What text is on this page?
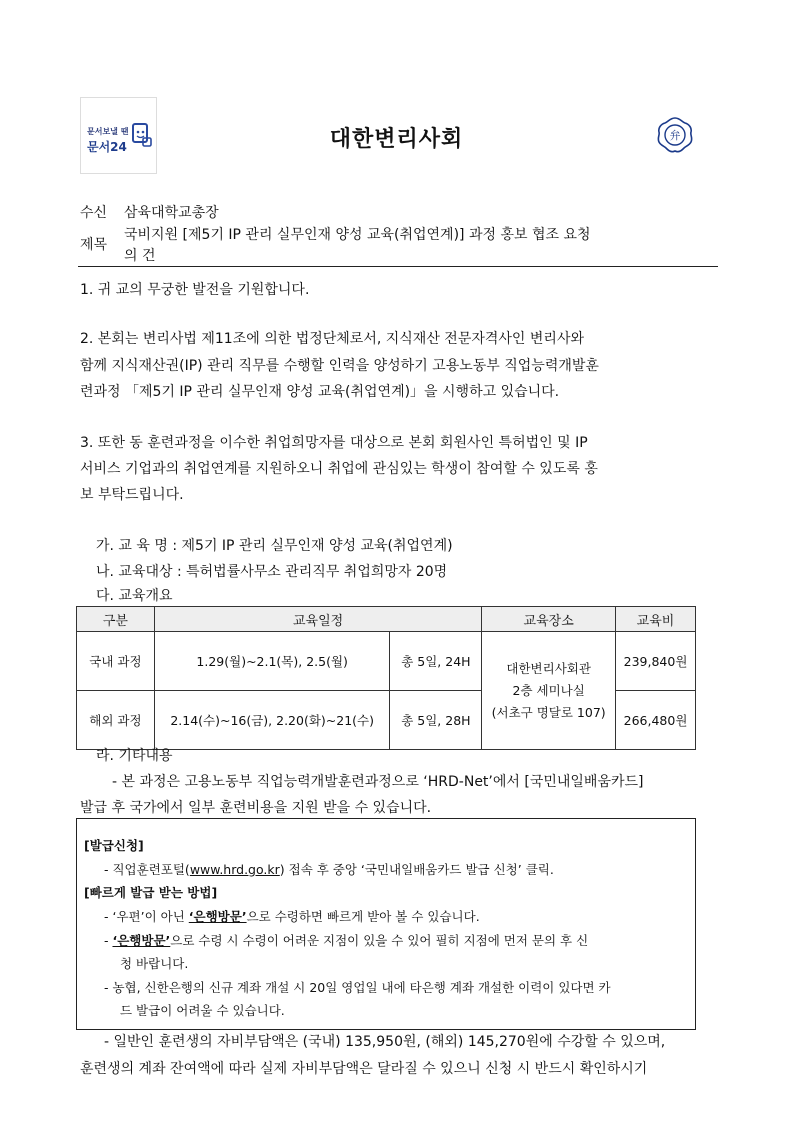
문서보낼 땐
문서24	대한변리사회	弁
수신 삼육대학교총장
제목
국비지원 [제5기 IP 관리 실무인재 양성 교육(취업연계)] 과정 홍보 협조 요청
의 건
1. 귀 교의 무궁한 발전을 기원합니다.
2. 본회는 변리사법 제11조에 의한 법정단체로서, 지식재산 전문자격사인 변리사와
함께 지식재산권(IP) 관리 직무를 수행할 인력을 양성하기 고용노동부 직업능력개발훈
련과정 「제5기 IP 관리 실무인재 양성 교육(취업연계)」을 시행하고 있습니다.
3. 또한 동 훈련과정을 이수한 취업희망자를 대상으로 본회 회원사인 특허법인 및 IP
서비스 기업과의 취업연계를 지원하오니 취업에 관심있는 학생이 참여할 수 있도록 홍
보 부탁드립니다.
가. 교 육 명 : 제5기 IP 관리 실무인재 양성 교육(취업연계)
나. 교육대상 : 특허법률사무소 관리직무 취업희망자 20명
다. 교육개요
구분	교육일정		교육장소	교육비
국내 과정	1.29(월)~2.1(목), 2.5(월)	총 5일, 24H	대한변리사회관
2층 세미나실
(서초구 명달로 107)	239,840원
해외 과정	2.14(수)~16(금), 2.20(화)~21(수)	총 5일, 28H		266,480원
라. 기타내용
- 본 과정은 고용노동부 직업능력개발훈련과정으로 ‘HRD-Net’에서 [국민내일배움카드]
발급 후 국가에서 일부 훈련비용을 지원 받을 수 있습니다.
[발급신청]
- 직업훈련포털(www.hrd.go.kr) 접속 후 중앙 ‘국민내일배움카드 발급 신청’ 클릭.
[빠르게 발급 받는 방법]
- ‘우편’이 아닌 ‘은행방문’으로 수령하면 빠르게 받아 볼 수 있습니다.
- ‘은행방문’으로 수령 시 수령이 어려운 지점이 있을 수 있어 필히 지점에 먼저 문의 후 신
청 바랍니다.
- 농협, 신한은행의 신규 계좌 개설 시 20일 영업일 내에 타은행 계좌 개설한 이력이 있다면 카
드 발급이 어려울 수 있습니다.
- 일반인 훈련생의 자비부담액은 (국내) 135,950원, (해외) 145,270원에 수강할 수 있으며,
훈련생의 계좌 잔여액에 따라 실제 자비부담액은 달라질 수 있으니 신청 시 반드시 확인하시기
